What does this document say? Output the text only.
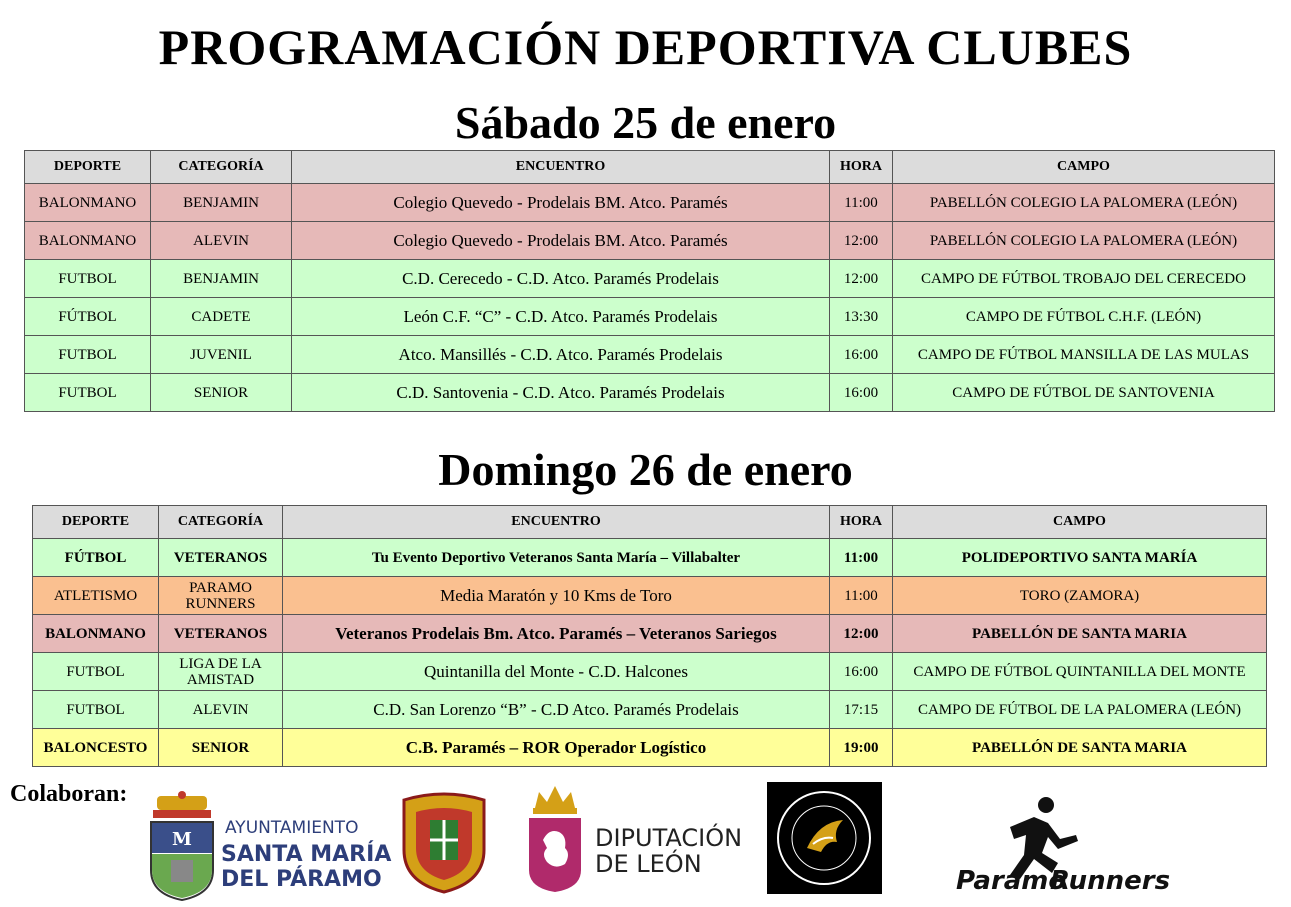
PROGRAMACIÓN DEPORTIVA CLUBES
Sábado 25 de enero
DEPORTE	CATEGORÍA	ENCUENTRO	HORA	CAMPO
BALONMANO	BENJAMIN	Colegio Quevedo - Prodelais BM. Atco. Paramés	11:00	PABELLÓN COLEGIO LA PALOMERA (LEÓN)
BALONMANO	ALEVIN	Colegio Quevedo - Prodelais BM. Atco. Paramés	12:00	PABELLÓN COLEGIO LA PALOMERA (LEÓN)
FUTBOL	BENJAMIN	C.D. Cerecedo - C.D. Atco. Paramés Prodelais	12:00	CAMPO DE FÚTBOL TROBAJO DEL CERECEDO
FÚTBOL	CADETE	León C.F. “C” - C.D. Atco. Paramés Prodelais	13:30	CAMPO DE FÚTBOL C.H.F. (LEÓN)
FUTBOL	JUVENIL	Atco. Mansillés - C.D. Atco. Paramés Prodelais	16:00	CAMPO DE FÚTBOL MANSILLA DE LAS MULAS
FUTBOL	SENIOR	C.D. Santovenia - C.D. Atco. Paramés Prodelais	16:00	CAMPO DE FÚTBOL DE SANTOVENIA
Domingo 26 de enero
DEPORTE	CATEGORÍA	ENCUENTRO	HORA	CAMPO
FÚTBOL	VETERANOS	Tu Evento Deportivo Veteranos Santa María – Villabalter	11:00	POLIDEPORTIVO SANTA MARÍA
ATLETISMO	PARAMO RUNNERS	Media Maratón y 10 Kms de Toro	11:00	TORO (ZAMORA)
BALONMANO	VETERANOS	Veteranos Prodelais Bm. Atco. Paramés – Veteranos Sariegos	12:00	PABELLÓN DE SANTA MARIA
FUTBOL	LIGA DE LA AMISTAD	Quintanilla del Monte - C.D. Halcones	16:00	CAMPO DE FÚTBOL QUINTANILLA DEL MONTE
FUTBOL	ALEVIN	C.D. San Lorenzo “B” - C.D Atco. Paramés Prodelais	17:15	CAMPO DE FÚTBOL DE LA PALOMERA (LEÓN)
BALONCESTO	SENIOR	C.B. Paramés – ROR Operador Logístico	19:00	PABELLÓN DE SANTA MARIA
Colaboran:
M
AYUNTAMIENTO
SANTA MARÍA
DEL PÁRAMO
DIPUTACIÓN
DE LEÓN
Paramo
Runners
